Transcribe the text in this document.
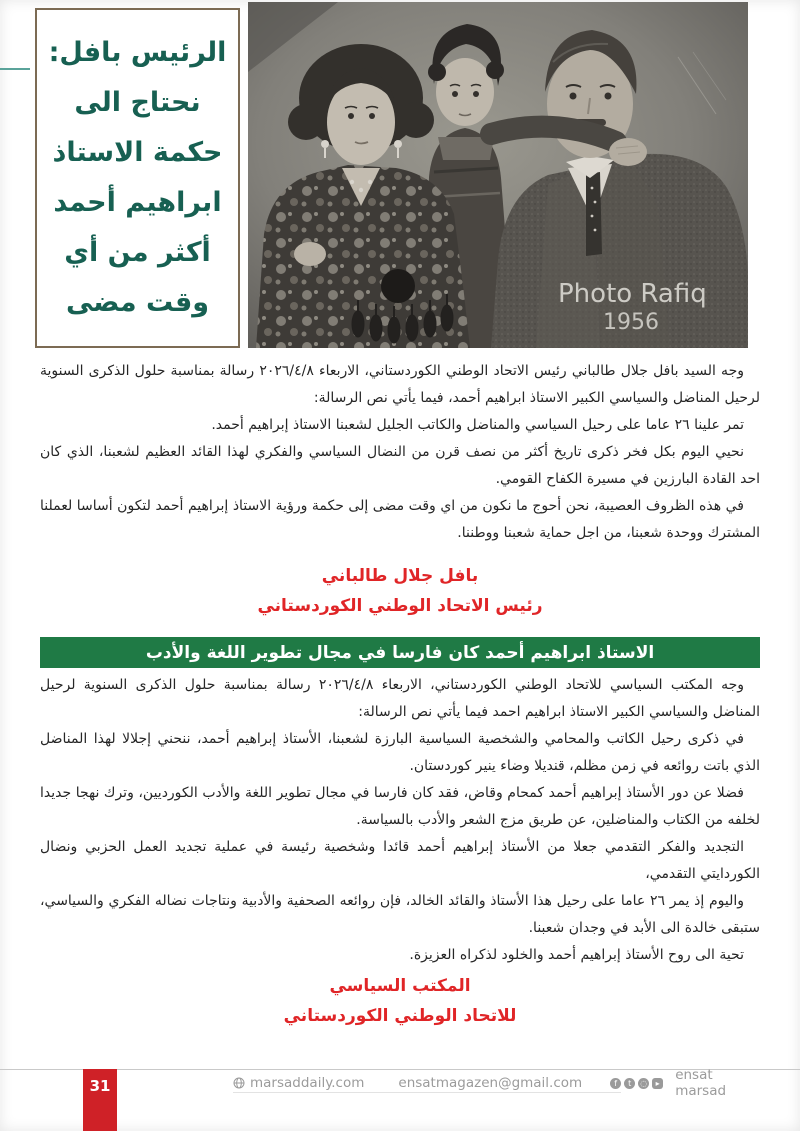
الرئيس بافل:
نحتاج الى
حكمة الاستاذ
ابراهيم أحمد
أكثر من أي
وقت مضى	Photo Rafiq
1956

وجه السيد بافل جلال طالباني رئيس الاتحاد الوطني الكوردستاني، الاربعاء ٢٠٢٦/٤/٨ رسالة بمناسبة حلول الذكرى السنوية لرحيل المناضل والسياسي الكبير الاستاذ ابراهيم أحمد، فيما يأتي نص الرسالة:

تمر علينا ٢٦ عاما على رحيل السياسي والمناضل والكاتب الجليل لشعبنا الاستاذ إبراهيم أحمد.

نحيي اليوم بكل فخر ذكرى تاريخ أكثر من نصف قرن من النضال السياسي والفكري لهذا القائد العظيم لشعبنا، الذي كان احد القادة البارزين في مسيرة الكفاح القومي.

في هذه الظروف العصيبة، نحن أحوج ما نكون من اي وقت مضى إلى حكمة ورؤية الاستاذ إبراهيم أحمد لتكون أساسا لعملنا المشترك ووحدة شعبنا، من اجل حماية شعبنا ووطننا.

بافل جلال طالباني
رئيس الاتحاد الوطني الكوردستاني
الاستاذ ابراهيم أحمد كان فارسا في مجال تطوير اللغة والأدب

وجه المكتب السياسي للاتحاد الوطني الكوردستاني، الاربعاء ٢٠٢٦/٤/٨ رسالة بمناسبة حلول الذكرى السنوية لرحيل المناضل والسياسي الكبير الاستاذ ابراهيم احمد فيما يأتي نص الرسالة:

في ذكرى رحيل الكاتب والمحامي والشخصية السياسية البارزة لشعبنا، الأستاذ إبراهيم أحمد، ننحني إجلالا لهذا المناضل الذي باتت روائعه في زمن مظلم، قنديلا وضاء ينير كوردستان.

فضلا عن دور الأستاذ إبراهيم أحمد كمحام وقاض، فقد كان فارسا في مجال تطوير اللغة والأدب الكورديين، وترك نهجا جديدا لخلفه من الكتاب والمناضلين، عن طريق مزج الشعر والأدب بالسياسة.

التجديد والفكر التقدمي جعلا من الأستاذ إبراهيم أحمد قائدا وشخصية رئيسة في عملية تجديد العمل الحزبي ونضال الكوردايتي التقدمي،

واليوم إذ يمر ٢٦ عاما على رحيل هذا الأستاذ والقائد الخالد، فإن روائعه الصحفية والأدبية ونتاجات نضاله الفكري والسياسي، ستبقى خالدة الى الأبد في وجدان شعبنا.

تحية الى روح الأستاذ إبراهيم أحمد والخلود لذكراه العزيزة.

المكتب السياسي
للاتحاد الوطني الكوردستاني
31	marsaddaily.com	ensatmagazen@gmail.com	f	t	◌	▸ ensat marsad
